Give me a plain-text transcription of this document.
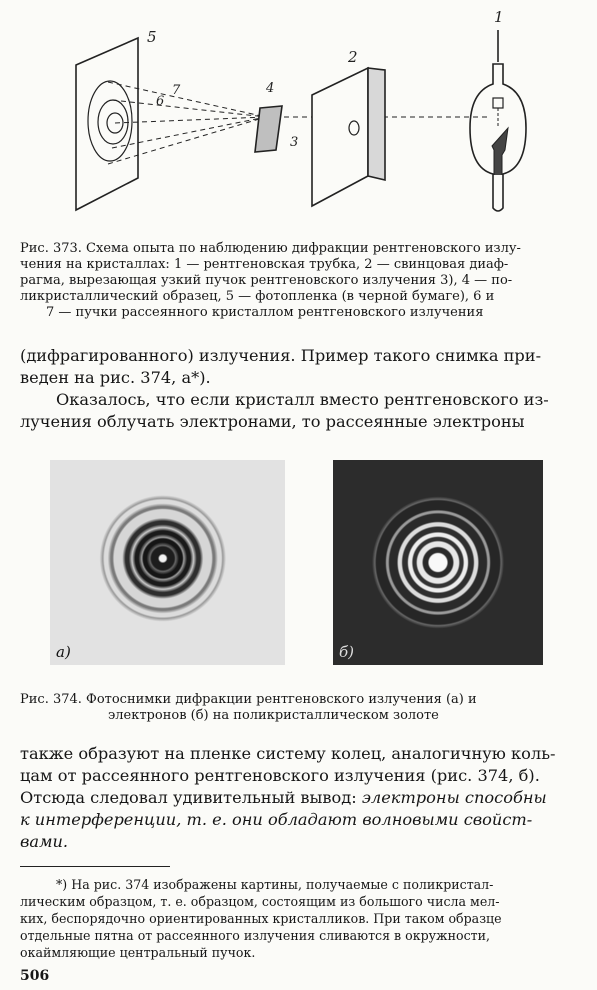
1
2
3
4
5
6
7
Рис. 373. Схема опыта по наблюдению дифракции рентгеновского излу-
чения на кристаллах: 1 — рентгеновская трубка, 2 — свинцовая диаф-
рагма, вырезающая узкий пучок рентгеновского излучения 3), 4 — по-
ликристаллический образец, 5 — фотопленка (в черной бумаге), 6 и
7 — пучки рассеянного кристаллом рентгеновского излучения
(дифрагированного) излучения. Пример такого снимка при-
веден на рис. 374, а*).
Оказалось, что если кристалл вместо рентгеновского из-
лучения облучать электронами, то рассеянные электроны
а)	б)
Рис. 374. Фотоснимки дифракции рентгеновского излучения (а) и
электронов (б) на поликристаллическом золоте
также образуют на пленке систему колец, аналогичную коль-
цам от рассеянного рентгеновского излучения (рис. 374, б).
Отсюда следовал удивительный вывод: электроны способны
к интерференции, т. е. они обладают волновыми свойст-
вами.
*) На рис. 374 изображены картины, получаемые с поликристал-
лическим образцом, т. е. образцом, состоящим из большого числа мел-
ких, беспорядочно ориентированных кристалликов. При таком образце
отдельные пятна от рассеянного излучения сливаются в окружности,
окаймляющие центральный пучок.
506
